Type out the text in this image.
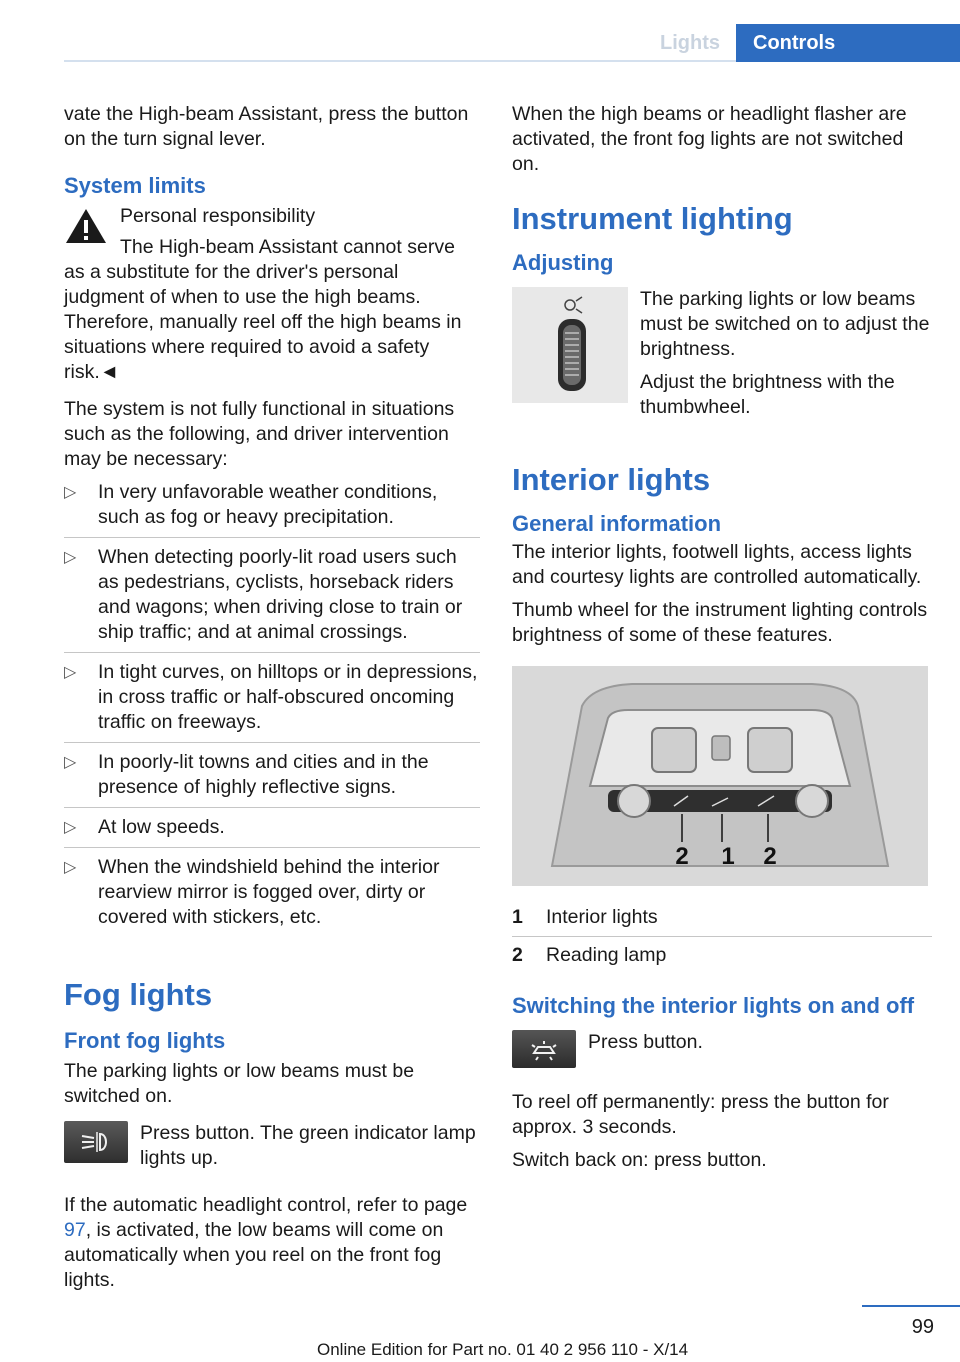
Lights	Controls

vate the High-beam Assistant, press the button on the turn signal lever.

System limits

Personal responsibility

The High-beam Assistant cannot serve as a substitute for the driver's personal judgment of when to use the high beams. Therefore, manually reel off the high beams in situations where required to avoid a safety risk.◄

The system is not fully functional in situations such as the following, and driver intervention may be necessary:

▷ In very unfavorable weather conditions, such as fog or heavy precipitation.
▷ When detecting poorly-lit road users such as pedestrians, cyclists, horseback riders and wagons; when driving close to train or ship traffic; and at animal crossings.
▷ In tight curves, on hilltops or in depressions, in cross traffic or half-obscured oncoming traffic on freeways.
▷ In poorly-lit towns and cities and in the presence of highly reflective signs.
▷ At low speeds.
▷ When the windshield behind the interior rearview mirror is fogged over, dirty or covered with stickers, etc.
Fog lights
Front fog lights

The parking lights or low beams must be switched on.

Press button. The green indicator lamp lights up.

If the automatic headlight control, refer to page 97, is activated, the low beams will come on automatically when you reel on the front fog lights.

When the high beams or headlight flasher are activated, the front fog lights are not switched on.

Instrument lighting
Adjusting

The parking lights or low beams must be switched on to adjust the brightness.

Adjust the brightness with the thumbwheel.

Interior lights
General information

The interior lights, footwell lights, access lights and courtesy lights are controlled automatically.

Thumb wheel for the instrument lighting controls brightness of some of these features.

2 1 2
1	Interior lights
2	Reading lamp
Switching the interior lights on and off

Press button.

To reel off permanently: press the button for approx. 3 seconds.

Switch back on: press button.

99
Online Edition for Part no. 01 40 2 956 110 - X/14
